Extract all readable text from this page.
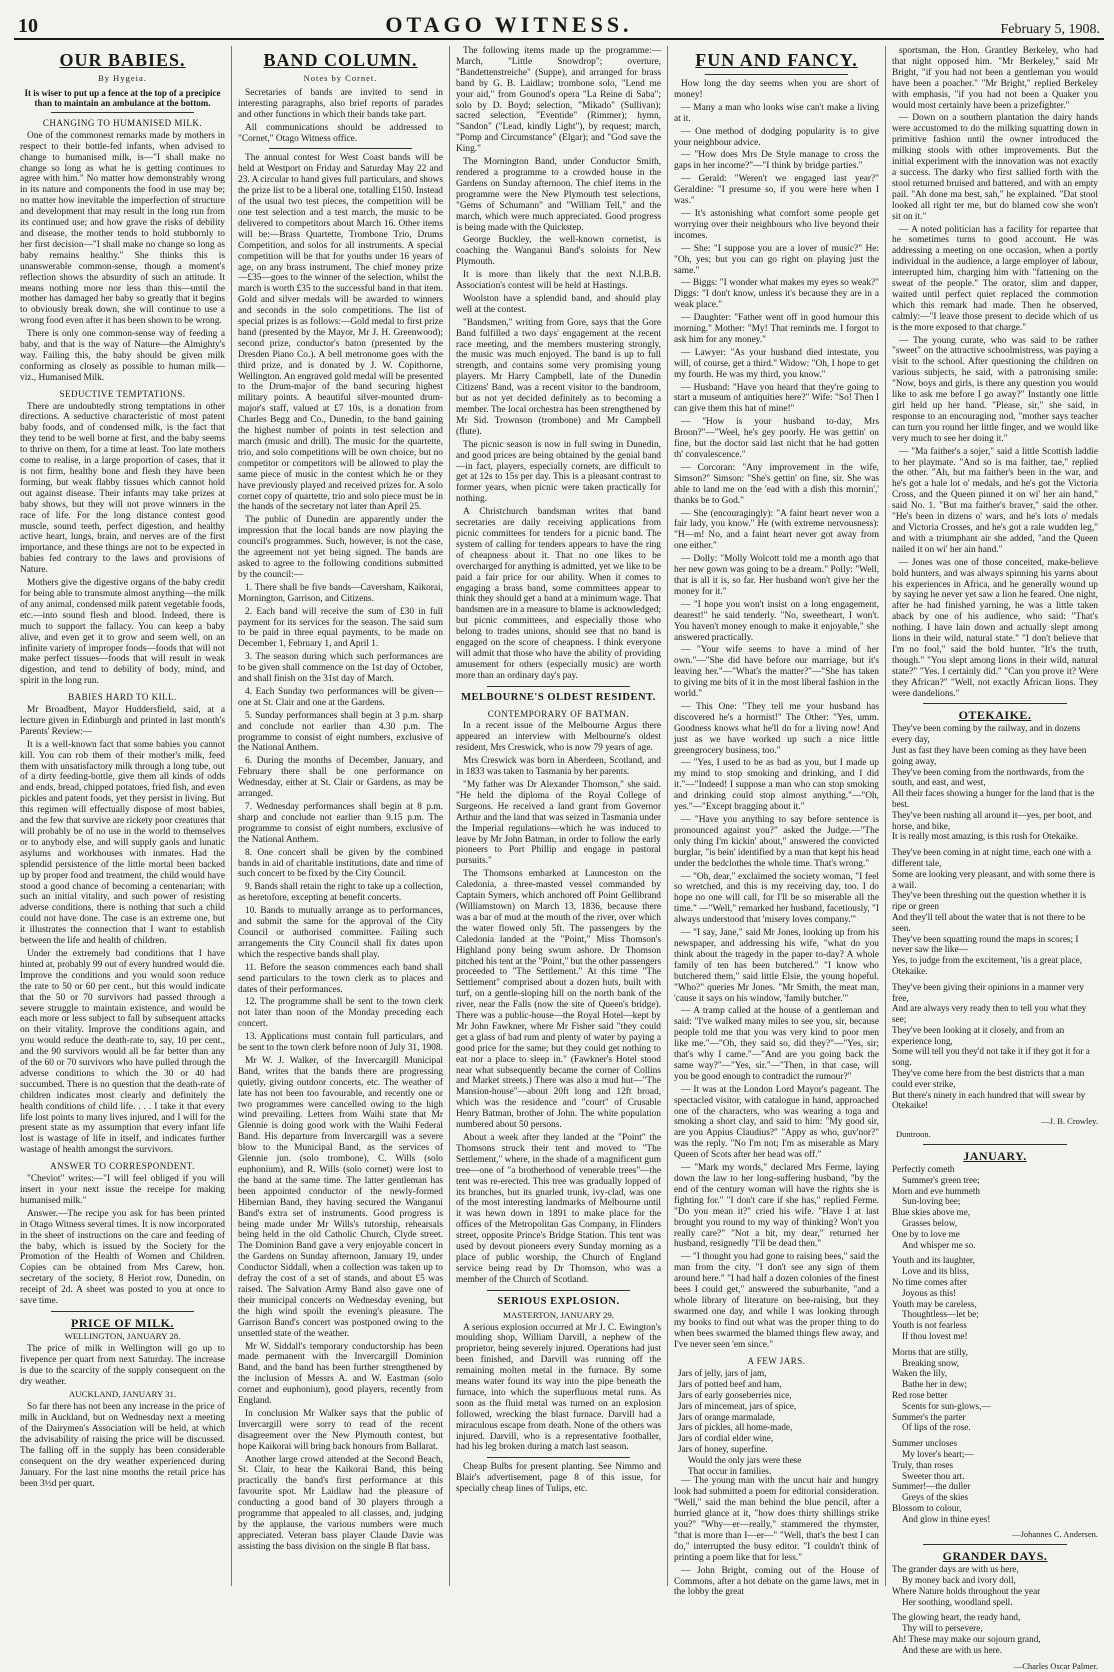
10	OTAGO WITNESS.	February 5, 1908.
OUR BABIES.
By Hygeia.
It is wiser to put up a fence at the top of a precipice than to maintain an ambulance at the bottom.
CHANGING TO HUMANISED MILK.

One of the commonest remarks made by mothers in respect to their bottle-fed infants, when advised to change to humanised milk, is—"I shall make no change so long as what he is getting continues to agree with him." No matter how demonstrably wrong in its nature and components the food in use may be; no matter how inevitable the imperfection of structure and development that may result in the long run from its continued use; and how grave the risks of debility and disease, the mother tends to hold stubbornly to her first decision—"I shall make no change so long as baby remains healthy." She thinks this is unanswerable common-sense, though a moment's reflection shows the absurdity of such an attitude. It means nothing more nor less than this—until the mother has damaged her baby so greatly that it begins to obviously break down, she will continue to use a wrong food even after it has been shown to be wrong.

There is only one common-sense way of feeding a baby, and that is the way of Nature—the Almighty's way. Failing this, the baby should be given milk conforming as closely as possible to human milk—viz., Humanised Milk.

SEDUCTIVE TEMPTATIONS.

There are undoubtedly strong temptations in other directions. A seductive characteristic of most patent baby foods, and of condensed milk, is the fact that they tend to be well borne at first, and the baby seems to thrive on them, for a time at least. Too late mothers come to realise, in a large proportion of cases, that it is not firm, healthy bone and flesh they have been forming, but weak flabby tissues which cannot hold out against disease. Their infants may take prizes at baby shows, but they will not prove winners in the race of life. For the long distance contest good muscle, sound teeth, perfect digestion, and healthy active heart, lungs, brain, and nerves are of the first importance, and these things are not to be expected in babies fed contrary to the laws and provisions of Nature.

Mothers give the digestive organs of the baby credit for being able to transmute almost anything—the milk of any animal, condensed milk patent vegetable foods, etc.—into sound flesh and blood. Indeed, there is much to support the fallacy. You can keep a baby alive, and even get it to grow and seem well, on an infinite variety of improper foods—foods that will not make perfect tissues—foods that will result in weak digestion, and tend to debility of body, mind, and spirit in the long run.

BABIES HARD TO KILL.

Mr Broadbent, Mayor Huddersfield, said, at a lecture given in Edinburgh and printed in last month's Parents' Review:—

It is a well-known fact that some babies you cannot kill. You can rob them of their mother's milk, feed them with unsatisfactory milk through a long tube, out of a dirty feeding-bottle, give them all kinds of odds and ends, bread, chipped potatoes, fried fish, and even pickles and patent foods, yet they persist in living. But this regimen will effectually dispose of most babies, and the few that survive are rickety poor creatures that will probably be of no use in the world to themselves or to anybody else, and will supply gaols and lunatic asylums and workhouses with inmates. Had the splendid persistence of the little mortal been backed up by proper food and treatment, the child would have stood a good chance of becoming a centenarian; with such an initial vitality, and such power of resisting adverse conditions, there is nothing that such a child could not have done. The case is an extreme one, but it illustrates the connection that I want to establish between the life and health of children.

Under the extremely bad conditions that I have hinted at, probably 99 out of every hundred would die. Improve the conditions and you would soon reduce the rate to 50 or 60 per cent., but this would indicate that the 50 or 70 survivors had passed through a severe struggle to maintain existence, and would be each more or less subject to fall by subsequent attacks on their vitality. Improve the conditions again, and you would reduce the death-rate to, say, 10 per cent., and the 90 survivors would all be far better than any of the 60 or 70 survivors who have pulled through the adverse conditions to which the 30 or 40 had succumbed. There is no question that the death-rate of children indicates most clearly and definitely the health conditions of child life. . . . I take it that every life lost points to many lives injured, and I will for the present state as my assumption that every infant life lost is wastage of life in itself, and indicates further wastage of health amongst the survivors.

ANSWER TO CORRESPONDENT.

"Cheviot" writes:—"I will feel obliged if you will insert in your next issue the receipe for making humanised milk."

Answer.—The recipe you ask for has been printed in Otago Witness several times. It is now incorporated in the sheet of instructions on the care and feeding of the baby, which is issued by the Society for the Promotion of the Health of Women and Children. Copies can be obtained from Mrs Carew, hon. secretary of the society, 8 Heriot row, Dunedin, on receipt of 2d. A sheet was posted to you at once to save time.

PRICE OF MILK.
WELLINGTON, JANUARY 28.

The price of milk in Wellington will go up to fivepence per quart from next Saturday. The increase is due to the scarcity of the supply consequent on the dry weather.

AUCKLAND, JANUARY 31.

So far there has not been any increase in the price of milk in Auckland, but on Wednesday next a meeting of the Dairymen's Association will be held, at which the advisability of raising the price will be discussed. The falling off in the supply has been considerable consequent on the dry weather experienced during January. For the last nine months the retail price has been 3½d per quart.

BAND COLUMN.
Notes by Cornet.

Secretaries of bands are invited to send in interesting paragraphs, also brief reports of parades and other functions in which their bands take part.

All communications should be addressed to "Cornet," Otago Witness office.

The annual contest for West Coast bands will be held at Westport on Friday and Saturday May 22 and 23. A circular to hand gives full particulars, and shows the prize list to be a liberal one, totalling £150. Instead of the usual two test pieces, the competition will be one test selection and a test march, the music to be delivered to competitors about March 16. Other items will be:—Brass Quartette, Trombone Trio, Drums Competition, and solos for all instruments. A special competition will be that for youths under 16 years of age, on any brass instrument. The chief money prize—£35—goes to the winner of the selection, whilst the march is worth £35 to the successful band in that item. Gold and silver medals will be awarded to winners and seconds in the solo competitions. The list of special prizes is as follows:—Gold medal to first prize band (presented by the Mayor, Mr J. H. Greenwood); second prize, conductor's baton (presented by the Dresden Piano Co.). A bell metronome goes with the third prize, and is donated by J. W. Copithorne, Wellington. An engraved gold medal will be presented to the Drum-major of the band securing highest military points. A beautiful silver-mounted drum-major's staff, valued at £7 10s, is a donation from Charles Begg and Co., Dunedin, to the band gaining the highest number of points in test selection and march (music and drill). The music for the quartette, trio, and solo competitions will be own choice, but no competitor or competitors will be allowed to play the same piece of music in the contest which he or they have previously played and received prizes for. A solo cornet copy of quartette, trio and solo piece must be in the hands of the secretary not later than April 25.

The public of Dunedin are apparently under the impression that the local bands are now playing the council's programmes. Such, however, is not the case, the agreement not yet being signed. The bands are asked to agree to the following conditions submitted by the council:—

1. There shall be five bands—Caversham, Kaikorai, Mornington, Garrison, and Citizens.

2. Each band will receive the sum of £30 in full payment for its services for the season. The said sum to be paid in three equal payments, to be made on December 1, February 1, and April 1.

3. The season during which such performances are to be given shall commence on the 1st day of October, and shall finish on the 31st day of March.

4. Each Sunday two performances will be given—one at St. Clair and one at the Gardens.

5. Sunday performances shall begin at 3 p.m. sharp and conclude not earlier than 4.30 p.m. The programme to consist of eight numbers, exclusive of the National Anthem.

6. During the months of December, January, and February there shall be one performance on Wednesday, either at St. Clair or Gardens, as may be arranged.

7. Wednesday performances shall begin at 8 p.m. sharp and conclude not earlier than 9.15 p.m. The programme to consist of eight numbers, exclusive of the National Anthem.

8. One concert shall be given by the combined bands in aid of charitable institutions, date and time of such concert to be fixed by the City Council.

9. Bands shall retain the right to take up a collection, as heretofore, excepting at benefit concerts.

10. Bands to mutually arrange as to performances, and submit the same for the approval of the City Council or authorised committee. Failing such arrangements the City Council shall fix dates upon which the respective bands shall play.

11. Before the season commences each band shall send particulars to the town clerk as to places and dates of their performances.

12. The programme shall be sent to the town clerk not later than noon of the Monday preceding each concert.

13. Applications must contain full particulars, and be sent to the town clerk before noon of July 31, 1908.

Mr W. J. Walker, of the Invercargill Municipal Band, writes that the bands there are progressing quietly, giving outdoor concerts, etc. The weather of late has not been too favourable, and recently one or two programmes were cancelled owing to the high wind prevailing. Letters from Waihi state that Mr Glennie is doing good work with the Waihi Federal Band. His departure from Invercargill was a severe blow to the Municipal Band, as the services of Glennie jun. (solo trombone), C. Wills (solo euphonium), and R. Wills (solo cornet) were lost to the band at the same time. The latter gentleman has been appointed conductor of the newly-formed Hibernian Band, they having secured the Wanganui Band's extra set of instruments. Good progress is being made under Mr Wills's tutorship, rehearsals being held in the old Catholic Church, Clyde street. The Dominion Band gave a very enjoyable concert in the Gardens on Sunday afternoon, January 19, under Conductor Siddall, when a collection was taken up to defray the cost of a set of stands, and about £5 was raised. The Salvation Army Band also gave one of their municipal concerts on Wednesday evening, but the high wind spoilt the evening's pleasure. The Garrison Band's concert was postponed owing to the unsettled state of the weather.

Mr W. Siddall's temporary conductorship has been made permanent with the Invercargill Dominion Band, and the band has been further strengthened by the inclusion of Messrs A. and W. Eastman (solo cornet and euphonium), good players, recently from England.

In conclusion Mr Walker says that the public of Invercargill were sorry to read of the recent disagreement over the New Plymouth contest, but hope Kaikorai will bring back honours from Ballarat.

Another large crowd attended at the Second Beach, St. Clair, to hear the Kaikorai Band, this being practically the band's first performance at this favourite spot. Mr Laidlaw had the pleasure of conducting a good band of 30 players through a programme that appealed to all classes, and, judging by the applause, the various numbers were much appreciated. Veteran bass player Claude Davie was assisting the bass division on the single B flat bass.

The following items made up the programme:—March, "Little Snowdrop"; overture, "Bandettenstreiche" (Suppe), and arranged for brass band by G. B. Laidlaw; trombone solo, "Lend me your aid," from Gounod's opera "La Reine di Saba"; solo by D. Boyd; selection, "Mikado" (Sullivan); sacred selection, "Eventide" (Rimmer); hymn, "Sandon" ("Lead, kindly Light"), by request; march, "Pomp and Circumstance" (Elgar); and "God save the King."

The Mornington Band, under Conductor Smith, rendered a programme to a crowded house in the Gardens on Sunday afternoon. The chief items in the programme were the New Plymouth test selections, "Gems of Schumann" and "William Tell," and the march, which were much appreciated. Good progress is being made with the Quickstep.

George Buckley, the well-known cornetist, is coaching the Wanganui Band's soloists for New Plymouth.

It is more than likely that the next N.I.B.B. Association's contest will be held at Hastings.

Woolston have a splendid band, and should play well at the contest.

"Bandsmen," writing from Gore, says that the Gore Band fulfilled a two days' engagement at the recent race meeting, and the members mustering strongly, the music was much enjoyed. The band is up to full strength, and contains some very promising young players. Mr Harry Campbell, late of the Dunedin Citizens' Band, was a recent visitor to the bandroom, but as not yet decided definitely as to becoming a member. The local orchestra has been strengthened by Mr Sid. Trownson (trombone) and Mr Campbell (flute).

The picnic season is now in full swing in Dunedin, and good prices are being obtained by the genial band—in fact, players, especially cornets, are difficult to get at 12s to 15s per day. This is a pleasant contrast to former years, when picnic were taken practically for nothing.

A Christchurch bandsman writes that band secretaries are daily receiving applications from picnic committees for tenders for a picnic band. The system of calling for tenders appears to have the ring of cheapness about it. That no one likes to be overcharged for anything is admitted, yet we like to be paid a fair price for our ability. When it comes to engaging a brass band, some committees appear to think they should get a band at a minimum wage. That bandsmen are in a measure to blame is acknowledged; but picnic committees, and especially those who belong to trades unions, should see that no band is engaged on the score of cheapness. I think everyone will admit that those who have the ability of providing amusement for others (especially music) are worth more than an ordinary day's pay.

MELBOURNE'S OLDEST RESIDENT.
CONTEMPORARY OF BATMAN.

In a recent issue of the Melbourne Argus there appeared an interview with Melbourne's oldest resident, Mrs Creswick, who is now 79 years of age.

Mrs Creswick was born in Aberdeen, Scotland, and in 1833 was taken to Tasmania by her parents.

"My father was Dr Alexander Thomson," she said. "He held the diploma of the Royal College of Surgeons. He received a land grant from Governor Arthur and the land that was seized in Tasmania under the Imperial regulations—which he was induced to leave by Mr John Batman, in order to follow the early pioneers to Port Phillip and engage in pastoral pursuits."

The Thomsons embarked at Launceston on the Caledonia, a three-masted vessel commanded by Captain Symers, which anchored off Point Gellibrand (Williamstown) on March 13, 1836, because there was a bar of mud at the mouth of the river, over which the water flowed only 5ft. The passengers by the Caledonia landed at the "Point," Miss Thomson's Highland pony being swum ashore. Dr Thomson pitched his tent at the "Point," but the other passengers proceeded to "The Settlement." At this time "The Settlement" comprised about a dozen huts, built with turf, on a gentle-sloping hill on the north bank of the river, near the Falls (now the site of Queen's bridge). There was a public-house—the Royal Hotel—kept by Mr John Fawkner, where Mr Fisher said "they could get a glass of bad rum and plenty of water by paying a good price for the same; but they could get nothing to eat nor a place to sleep in." (Fawkner's Hotel stood near what subsequently became the corner of Collins and Market streets.) There was also a mud hut—"The Mansion-house"—about 20ft long and 12ft broad, which was the residence and "court" of Crusable Henry Batman, brother of John. The white population numbered about 50 persons.

About a week after they landed at the "Point" the Thomsons struck their tent and moved to "The Settlement," where, in the shade of a magnificent gum tree—one of "a brotherhood of venerable trees"—the tent was re-erected. This tree was gradually lopped of its branches, but its gnarled trunk, ivy-clad, was one of the most interesting landmarks of Melbourne until it was hewn down in 1891 to make place for the offices of the Metropolitan Gas Company, in Flinders street, opposite Prince's Bridge Station. This tent was used by devout pioneers every Sunday morning as a place of public worship, the Church of England service being read by Dr Thomson, who was a member of the Church of Scotland.

SERIOUS EXPLOSION.
MASTERTON, JANUARY 29.

A serious explosion occurred at Mr J. C. Ewington's moulding shop, William Darvill, a nephew of the proprietor, being severely injured. Operations had just been finished, and Darvill was running off the remaining molten metal in the furnace. By some means water found its way into the pipe beneath the furnace, into which the superfluous metal runs. As soon as the fluid metal was turned on an explosion followed, wrecking the blast furnace. Darvill had a miraculous escape from death. None of the others was injured. Darvill, who is a representative footballer, had his leg broken during a match last season.

Cheap Bulbs for present planting. See Nimmo and Blair's advertisement, page 8 of this issue, for specially cheap lines of Tulips, etc.

FUN AND FANCY.

How long the day seems when you are short of money!

— Many a man who looks wise can't make a living at it.

— One method of dodging popularity is to give your neighbour advice.

— "How does Mrs De Style manage to cross the gaps in her income?"—"I think by bridge parties."

— Gerald: "Weren't we engaged last year?" Geraldine: "I presume so, if you were here when I was."

— It's astonishing what comfort some people get worrying over their neighbours who live beyond their incomes.

— She: "I suppose you are a lover of music?" He: "Oh, yes; but you can go right on playing just the same."

— Biggs: "I wonder what makes my eyes so weak?" Diggs: "I don't know, unless it's because they are in a weak place."

— Daughter: "Father went off in good humour this morning." Mother: "My! That reminds me. I forgot to ask him for any money."

— Lawyer: "As your husband died intestate, you will, of course, get a third." Widow: "Oh, I hope to get my fourth. He was my third, you know."

— Husband: "Have you heard that they're going to start a museum of antiquities here?" Wife: "So! Then I can give them this hat of mine!"

— "How is your husband to-day, Mrs Broon?"—"Weel, he's gey poorly. He was gettin' on fine, but the doctor said last nicht that he had gotten th' convalescence."

— Corcoran: "Any improvement in the wife, Simson?" Simson: "She's gettin' on fine, sir. She was able to land me on the 'ead with a dish this mornin',' thanks be to God."

— She (encouragingly): "A faint heart never won a fair lady, you know." He (with extreme nervousness): "H—m! No, and a faint heart never got away from one either."

— Dolly: "Molly Wolcott told me a month ago that her new gown was going to be a dream." Polly: "Well, that is all it is, so far. Her husband won't give her the money for it."

— "I hope you won't insist on a long engagement, dearest!" he said tenderly. "No, sweetheart, I won't. You haven't money enough to make it enjoyable," she answered practically.

— "Your wife seems to have a mind of her own."—"She did have before our marriage, but it's leaving her."—"What's the matter?"—"She has taken to giving me bits of it in the most liberal fashion in the world."

— This One: "They tell me your husband has discovered he's a hormist!" The Other: "Yes, umm. Goodness knows what he'll do for a living now! And just as we have worked up such a nice little greengrocery business, too."

— "Yes, I used to be as bad as you, but I made up my mind to stop smoking and drinking, and I did it."—"Indeed! I suppose a man who can stop smoking and drinking could stop almost anything."—"Oh, yes."—"Except bragging about it."

— "Have you anything to say before sentence is pronounced against you?" asked the Judge.—"The only thing I'm kickin' about," answered the convicted burglar, "is bein' identified by a man that kept his head under the bedclothes the whole time. That's wrong."

— "Oh, dear," exclaimed the society woman, "I feel so wretched, and this is my receiving day, too. I do hope no one will call, for I'll be so miserable all the time." —"Well," remarked her husband, facetiously, "I always understood that 'misery loves company.'"

— "I say, Jane," said Mr Jones, looking up from his newspaper, and addressing his wife, "what do you think about the tragedy in the paper to-day? A whole family of ten has been butchered." "I know who butchered them," said little Elsie, the young hopeful. "Who?" queries Mr Jones. "Mr Smith, the meat man, 'cause it says on his window, 'family butcher.'"

— A tramp called at the house of a gentleman and said: "I've walked many miles to see you, sir, because people told me that you was very kind to poor men like me."—"Oh, they said so, did they?"—"Yes, sir; that's why I came."—"And are you going back the same way?"—"Yes, sir."—"Then, in that case, will you be good enough to contradict the rumour?"

— It was at the London Lord Mayor's pageant. The spectacled visitor, with catalogue in hand, approached one of the characters, who was wearing a toga and smoking a short clay, and said to him: "My good sir, are you Appius Claudius?" "Appy as who, guv'nor?" was the reply. "No I'm not; I'm as miserable as Mary Queen of Scots after her head was off."

— "Mark my words," declared Mrs Ferme, laying down the law to her long-suffering husband, "by the end of the century woman will have the rights she is fighting for." "I don't care if she has," replied Ferme. "Do you mean it?" cried his wife. "Have I at last brought you round to my way of thinking? Won't you really care?" "Not a bit, my dear," returned her husband, resignedly "I'll be dead then."

— "I thought you had gone to raising bees," said the man from the city. "I don't see any sign of them around here." "I had half a dozen colonies of the finest bees I could get," answered the suburbanite, "and a whole library of literature on bee-raising, but they swarmed one day, and while I was looking through my books to find out what was the proper thing to do when bees swarmed the blamed things flew away, and I've never seen 'em since."

A FEW JARS.
Jars of jelly, jars of jam,
Jars of potted beef and ham,
Jars of early gooseberries nice,
Jars of mincemeat, jars of spice,
Jars of orange marmalade,
Jars of pickles, all home-made,
Jars of cordial elder wine,
Jars of honey, superfine.
Would the only jars were these
That occur in families.

— The young man with the uncut hair and hungry look had submitted a poem for editorial consideration. "Well," said the man behind the blue pencil, after a hurried glance at it, "how does thirty shillings strike you?" "Why—er—really," stammered the rhymster, "that is more than I—er—" "Well, that's the best I can do," interrupted the busy editor. "I couldn't think of printing a poem like that for less."

— John Bright, coming out of the House of Commons, after a hot debate on the game laws, met in the lobby the great

sportsman, the Hon. Grantley Berkeley, who had that night opposed him. "Mr Berkeley," said Mr Bright, "if you had not been a gentleman you would have been a poacher." "Mr Bright," replied Berkeley with emphasis, "if you had not been a Quaker you would most certainly have been a prizefighter."

— Down on a southern plantation the dairy hands were accustomed to do the milking squatting down in primitive fashion until the owner introduced the milking stools with other improvements. But the initial experiment with the innovation was not exactly a success. The darky who first sallied forth with the stool returned bruised and battered, and with an empty pail. "Ah done ma best, sah," he explained. "Dat stool looked all right ter me, but do blamed cow she won't sit on it."

— A noted politician has a facility for repartee that he sometimes turns to good account. He was addressing a meeting on one occasion, when a portly individual in the audience, a large employer of labour, interrupted him, charging him with "fattening on the sweat of the people." The orator, slim and dapper, waited until perfect quiet replaced the commotion which this remark had made. Then he observed, calmly:—"I leave those present to decide which of us is the more exposed to that charge."

— The young curate, who was said to be rather "sweet" on the attractive schoolmistress, was paying a visit to the school. After questioning the children on various subjects, he said, with a patronising smile: "Now, boys and girls, is there any question you would like to ask me before I go away?" Instantly one little girl held up her hand. "Please, sir," she said, in response to an encouraging nod, "mother says teacher can turn you round her little finger, and we would like very much to see her doing it."

— "Ma faither's a sojer," said a little Scottish laddie to her playmate. "And so is ma faither, tae," replied the other. "Ah, but ma faither's been in the war, and he's got a hale lot o' medals, and he's got the Victoria Cross, and the Queen pinned it on wi' her ain hand," said No. 1. "But ma faither's braver," said the other. "He's been in dizens o' wars, and he's lots o' medals and Victoria Crosses, and he's got a rale wudden leg," and with a triumphant air she added, "and the Queen nailed it on wi' her ain hand."

— Jones was one of those conceited, make-believe bold hunters, and was always spinning his yarns about his experiences in Africa, and he generally wound up by saying he never yet saw a lion he feared. One night, after he had finished yarning, he was a little taken aback by one of his audience, who said: "That's nothing. I have lain down and actually slept among lions in their wild, natural state." "I don't believe that I'm no fool," said the bold hunter. "It's the truth, though." "You slept among lions in their wild, natural state?" "Yes. I certainly did." "Can you prove it? Were they African?" "Well, not exactly African lions. They were dandelions."

OTEKAIKE.
They've been coming by the railway, and in dozens every day,
Just as fast they have been coming as they have been going away,
They've been coming from the northwards, from the south, and east, and west,
All their faces showing a hunger for the land that is the best.
They've been rushing all around it—yes, per boot, and horse, and bike,
It is really most amazing, is this rush for Otekaike.
They've been coming in at night time, each one with a different tale,
Some are looking very pleasant, and with some there is a wail.
They've been threshing out the question whether it is ripe or green
And they'll tell about the water that is not there to be seen.
They've been squatting round the maps in scores; I never saw the like—
Yes, to judge from the excitement, 'tis a great place, Otekaike.
They've been giving their opinions in a manner very free,
And are always very ready then to tell you what they see;
They've been looking at it closely, and from an experience long,
Some will tell you they'd not take it if they got it for a song.
They've come here from the best districts that a man could ever strike,
But there's ninety in each hundred that will swear by Otekaike!
—J. B. Crowley.
Duntroon.
JANUARY.
Perfectly cometh
Summer's green tree;
Morn and eve hummeth
Sun-loving bee;
Blue skies above me,
Grasses below,
One by to love me
And whisper me so.
Youth and its laughter,
Love and its bliss,
No time comes after
Joyous as this!
Youth may be careless,
Thoughtless—let be;
Youth is not fearless
If thou lovest me!
Morns that are stilly,
Breaking snow,
Waken the lily,
Bathe her in dew;
Red rose better
Scents for sun-glows,—
Summer's the parter
Of lips of the rose.
Summer uncloses
My lover's heart;—
Truly, than roses
Sweeter thou art.
Summer!—the duller
Greys of the skies
Blossom to colour,
And glow in thine eyes!
—Johannes C. Andersen.
GRANDER DAYS.
The grander days are with us here,
By money back and ivory doll,
Where Nature holds throughout the year
Her soothing, woodland spell.
The glowing heart, the ready hand,
Thy will to persevere,
Ah! These may make our sojourn grand,
And these are with us here.
—Charles Oscar Palmer.
